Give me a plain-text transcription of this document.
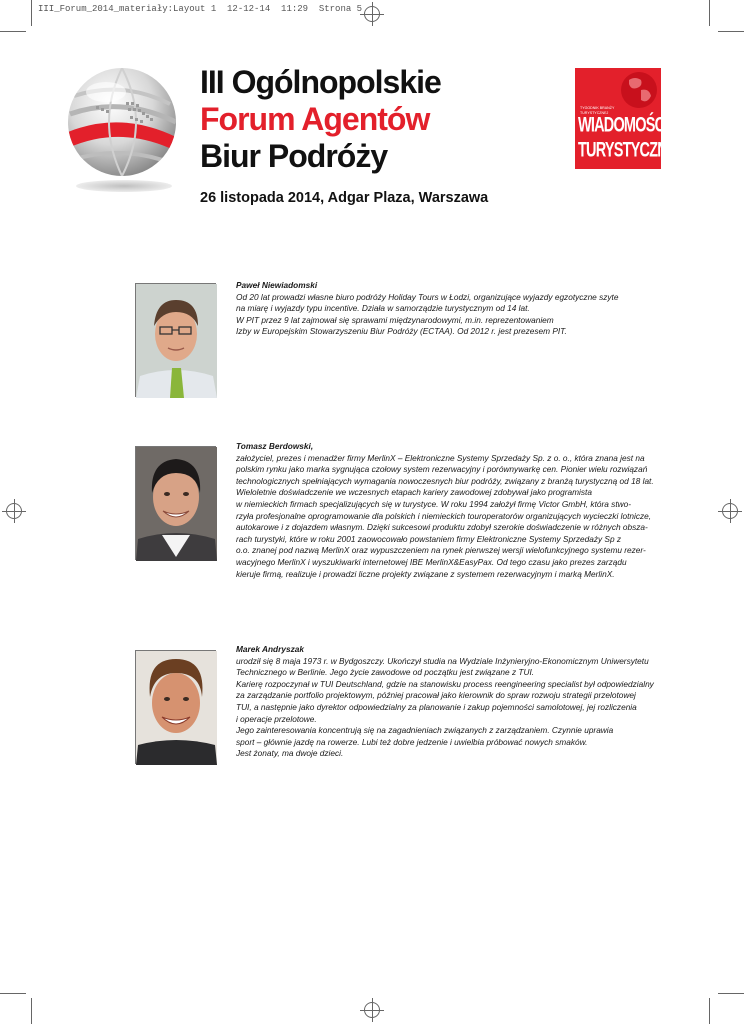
III_Forum_2014_materiały:Layout 1  12-12-14  11:29  Strona 5
III Ogólnopolskie
Forum Agentów
Biur Podróży
26 listopada 2014, Adgar Plaza, Warszawa
TYGODNIK BRANŻY TURYSTYCZNEJ
WIADOMOŚCI
TURYSTYCZNE
Paweł Niewiadomski
Od 20 lat prowadzi własne biuro podróży Holiday Tours w Łodzi, organizujące wyjazdy egzotyczne szyte
na miarę i wyjazdy typu incentive. Działa w samorządzie turystycznym od 14 lat.
W PIT przez 9 lat zajmował się sprawami międzynarodowymi, m.in. reprezentowaniem
Izby w Europejskim Stowarzyszeniu Biur Podróży (ECTAA). Od 2012 r. jest prezesem PIT.
Tomasz Berdowski,
założyciel, prezes i menadżer firmy MerlinX – Elektroniczne Systemy Sprzedaży Sp. z o. o., która znana jest na
polskim rynku jako marka sygnująca czołowy system rezerwacyjny i porównywarkę cen. Pionier wielu rozwiązań
technologicznych spełniających wymagania nowoczesnych biur podróży, związany z branżą turystyczną od 18 lat.
Wieloletnie doświadczenie we wczesnych etapach kariery zawodowej zdobywał jako programista
w niemieckich firmach specjalizujących się w turystyce. W roku 1994 założył firmę Victor GmbH, która stwo-
rzyła profesjonalne oprogramowanie dla polskich i niemieckich touroperatorów organizujących wycieczki lotnicze,
autokarowe i z dojazdem własnym. Dzięki sukcesowi produktu zdobył szerokie doświadczenie w różnych obsza-
rach turystyki, które w roku 2001 zaowocowało powstaniem firmy Elektroniczne Systemy Sprzedaży Sp z
o.o. znanej pod nazwą MerlinX oraz wypuszczeniem na rynek pierwszej wersji wielofunkcyjnego systemu rezer-
wacyjnego MerlinX i wyszukiwarki internetowej IBE MerlinX&EasyPax. Od tego czasu jako prezes zarządu
kieruje firmą, realizuje i prowadzi liczne projekty związane z systemem rezerwacyjnym i marką MerlinX.
Marek Andryszak
urodził się 8 maja 1973 r. w Bydgoszczy. Ukończył studia na Wydziale Inżynieryjno-Ekonomicznym Uniwersytetu
Technicznego w Berlinie. Jego życie zawodowe od początku jest związane z TUI.
Karierę rozpoczynał w TUI Deutschland, gdzie na stanowisku process reengineering specialist był odpowiedzialny
za zarządzanie portfolio projektowym, później pracował jako kierownik do spraw rozwoju strategii przelotowej
TUI, a następnie jako dyrektor odpowiedzialny za planowanie i zakup pojemności samolotowej, jej rozliczenia
i operacje przelotowe.
Jego zainteresowania koncentrują się na zagadnieniach związanych z zarządzaniem. Czynnie uprawia
sport – głównie jazdę na rowerze. Lubi też dobre jedzenie i uwielbia próbować nowych smaków.
Jest żonaty, ma dwoje dzieci.
